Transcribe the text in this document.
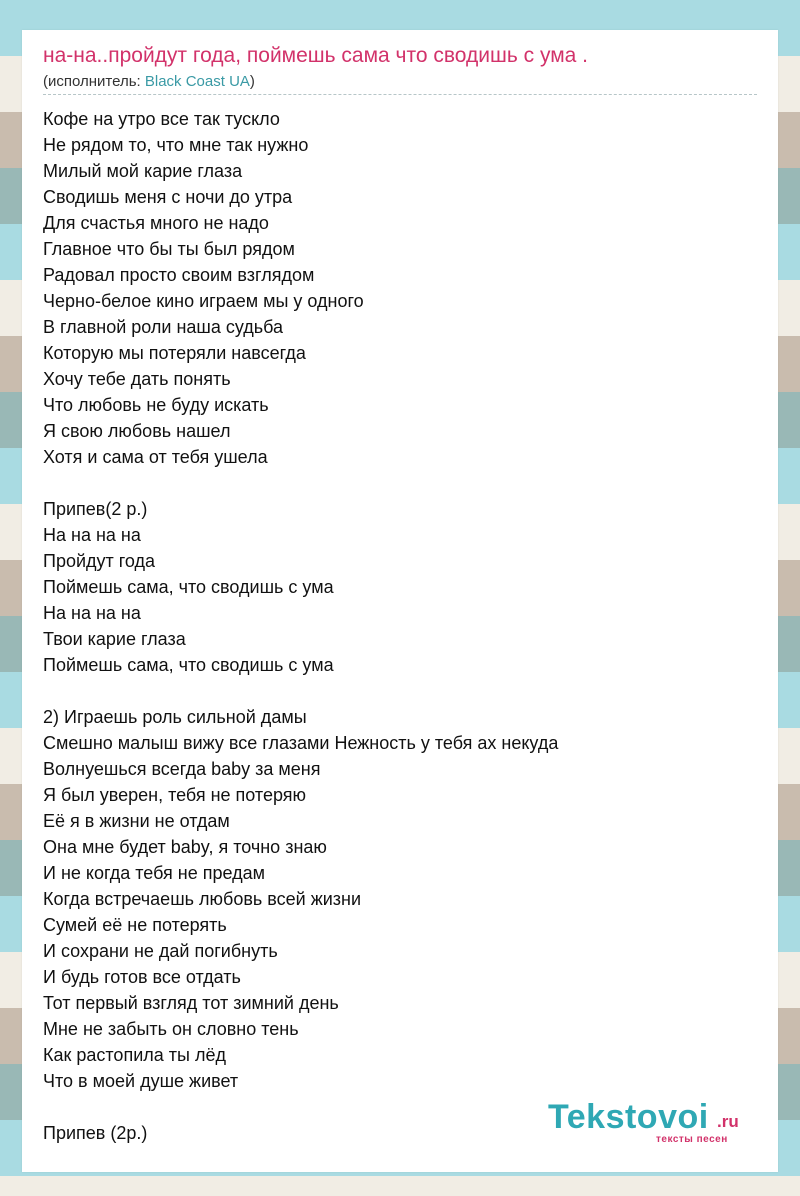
на-на..пройдут года, поймешь сама что сводишь с ума .
(исполнитель: Black Coast UA)
Кофе на утро все так тускло
Не рядом то, что мне так нужно
Милый мой карие глаза
Сводишь меня с ночи до утра
Для счастья много не надо
Главное что бы ты был рядом
Радовал просто своим взглядом
Черно-белое кино играем мы у одного
В главной роли наша судьба
Которую мы потеряли навсегда
Хочу тебе дать понять
Что любовь не буду искать
Я свою любовь нашел
Хотя и сама от тебя ушела
Припев(2 р.)
На на на на
Пройдут года
Поймешь сама, что сводишь с ума
На на на на
Твои карие глаза
Поймешь сама, что сводишь с ума
2) Играешь роль сильной дамы
Смешно малыш вижу все глазами Нежность у тебя ах некуда
Волнуешься всегда baby за меня
Я был уверен, тебя не потеряю
Её я в жизни не отдам
Она мне будет baby, я точно знаю
И не когда тебя не предам
Когда встречаешь любовь всей жизни
Сумей её не потерять
И сохрани не дай погибнуть
И будь готов все отдать
Тот первый взгляд тот зимний день
Мне не забыть он словно тень
Как растопила ты лёд
Что в моей душе живет
Припев (2р.)	Tekstovoi .ru
тексты песен
